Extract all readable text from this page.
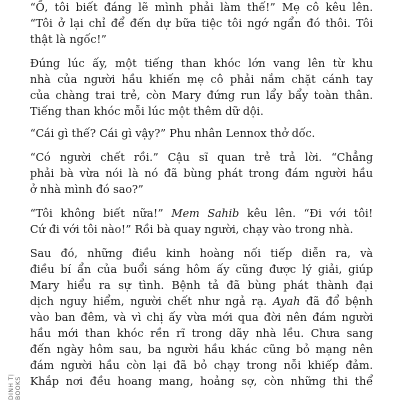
“Ồ, tôi biết đáng lẽ mình phải làm thế!” Mẹ cô kêu lên.
“Tôi ở lại chỉ để đến dự bữa tiệc tôi ngớ ngẩn đó thôi. Tôi
thật là ngốc!”

Đúng lúc ấy, một tiếng than khóc lớn vang lên từ khu
nhà của người hầu khiến mẹ cô phải nắm chặt cánh tay
của chàng trai trẻ, còn Mary đứng run lẩy bẩy toàn thân.
Tiếng than khóc mỗi lúc một thêm dữ dội.

“Cái gì thế? Cái gì vậy?” Phu nhân Lennox thở dốc.

“Có người chết rồi.” Cậu sĩ quan trẻ trả lời. “Chẳng
phải bà vừa nói là nó đã bùng phát trong đám người hầu
ở nhà mình đó sao?”

“Tôi không biết nữa!” Mem Sahib kêu lên. “Đi với tôi!
Cứ đi với tôi nào!” Rồi bà quay người, chạy vào trong nhà.

Sau đó, những điều kinh hoàng nối tiếp diễn ra, và
điều bí ẩn của buổi sáng hôm ấy cũng được lý giải, giúp
Mary hiểu ra sự tình. Bệnh tả đã bùng phát thành đại
dịch nguy hiểm, người chết như ngả rạ. Ayah đã đổ bệnh
vào ban đêm, và vì chị ấy vừa mới qua đời nên đám người
hầu mới than khóc rền rĩ trong dãy nhà lều. Chưa sang
đến ngày hôm sau, ba người hầu khác cũng bỏ mạng nên
đám người hầu còn lại đã bỏ chạy trong nỗi khiếp đảm.
Khắp nơi đều hoang mang, hoảng sợ, còn những thi thể

DINH TỊ BOOKS
